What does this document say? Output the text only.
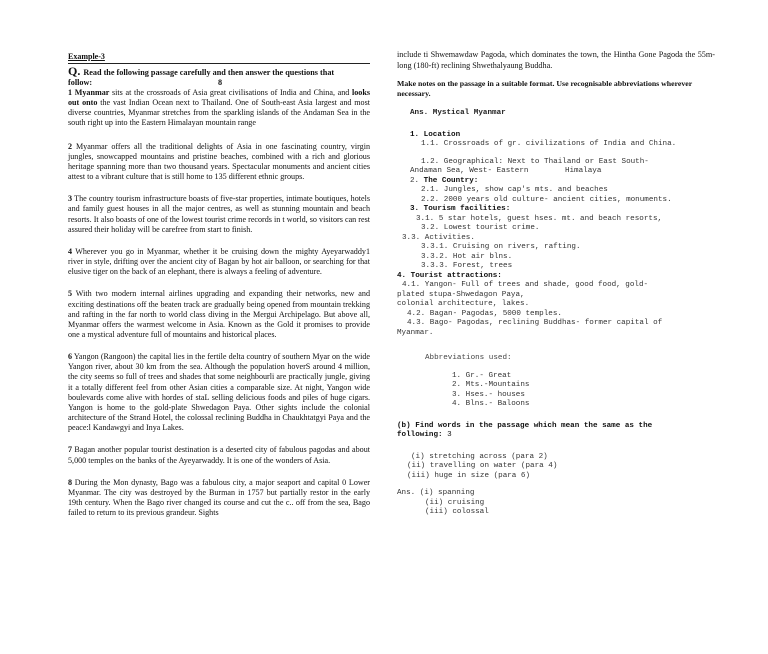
Example-3

Q. Read the following passage carefully and then answer the questions that

follow:	8

1 Myanmar sits at the crossroads of Asia great civilisations of India and China, and looks out onto the vast Indian Ocean next to Thailand. One of South-east Asia largest and most diverse countries, Myanmar stretches from the sparkling islands of the Andaman Sea in the south right up into the Eastern Himalayan mountain range

2 Myanmar offers all the traditional delights of Asia in one fascinating country, virgin jungles, snowcapped mountains and pristine beaches, combined with a rich and glorious heritage spanning more than two thousand years. Spectacular monuments and ancient cities attest to a vibrant culture that is still home to 135 different ethnic groups.

3 The country tourism infrastructure boasts of five-star properties, intimate boutiques, hotels and family guest houses in all the major centres, as well as stunning mountain and beach resorts. It also boasts of one of the lowest tourist crime records in t world, so visitors can rest assured their holiday will be carefree from start to finish.

4 Wherever you go in Myanmar, whether it be cruising down the mighty Ayeyarwaddy1 river in style, drifting over the ancient city of Bagan by hot air balloon, or searching for that elusive tiger on the back of an elephant, there is always a feeling of adventure.

5 With two modern internal airlines upgrading and expanding their networks, new and exciting destinations off the beaten track are gradually being opened from mountain trekking and rafting in the far north to world class diving in the Mergui Archipelago. But above all, Myanmar offers the warmest welcome in Asia. Known as the Gold it promises to provide one a mystical adventure full of mountains and historical places.

6 Yangon (Rangoon) the capital lies in the fertile delta country of southern Myar on the wide Yangon river, about 30 km from the sea. Although the population hoverS around 4 million, the city seems so full of trees and shades that some neighbourli are practically jungle, giving it a totally different feel from other Asian cities a comparable size. At night, Yangon wide boulevards come alive with hordes of staL selling delicious foods and piles of huge cigars. Yangon is home to the gold-plate Shwedagon Paya. Other sights include the colonial architecture of the Strand Hotel, the colossal reclining Buddha in Chaukhtatgyi Paya and the peace:l Kandawgyi and Inya Lakes.

7 Bagan another popular tourist destination is a deserted city of fabulous pagodas and about 5,000 temples on the banks of the Ayeyarwaddy. It is one of the wonders of Asia.

8 During the Mon dynasty, Bago was a fabulous city, a major seaport and capital 0 Lower Myanmar. The city was destroyed by the Burman in 1757 but partially restor in the early 19th century. When the Bago river changed its course and cut the c.. off from the sea, Bago failed to return to its previous grandeur. Sights

include ti Shwemawdaw Pagoda, which dominates the town, the Hintha Gone Pagoda the 55m-long (180-ft) reclining Shwethalyaung Buddha.

Make notes on the passage in a suitable format. Use recognisable abbreviations wherever necessary.

Ans. Mystical Myanmar

1. Location

1.1. Crossroads of gr. civilizations of India and China.

1.2. Geographical: Next to Thailand or East South-

Andaman Sea, West- Eastern        Himalaya

2. The Country:

2.1. Jungles, show cap's mts. and beaches

2.2. 2000 years old culture- ancient cities, monuments.

3. Tourism facilities:

3.1. 5 star hotels, guest hses. mt. and beach resorts,

3.2. Lowest tourist crime.

3.3. Activities.

3.3.1. Cruising on rivers, rafting.

3.3.2. Hot air blns.

3.3.3. Forest, trees

4. Tourist attractions:

4.1. Yangon- Full of trees and shade, good food, gold-

plated stupa-Shwedagon Paya,

colonial architecture, lakes.

4.2. Bagan- Pagodas, 5000 temples.

4.3. Bago- Pagodas, reclining Buddhas- former capital of

Myanmar.

Abbreviations used:

1. Gr.- Great

2. Mts.-Mountains

3. Hses.- houses

4. Blns.- Baloons

(b) Find words in the passage which mean the same as the

following: 3

(i) stretching across (para 2)

(ii) travelling on water (para 4)

(iii) huge in size (para 6)

Ans. (i) spanning

(ii) cruising

(iii) colossal
